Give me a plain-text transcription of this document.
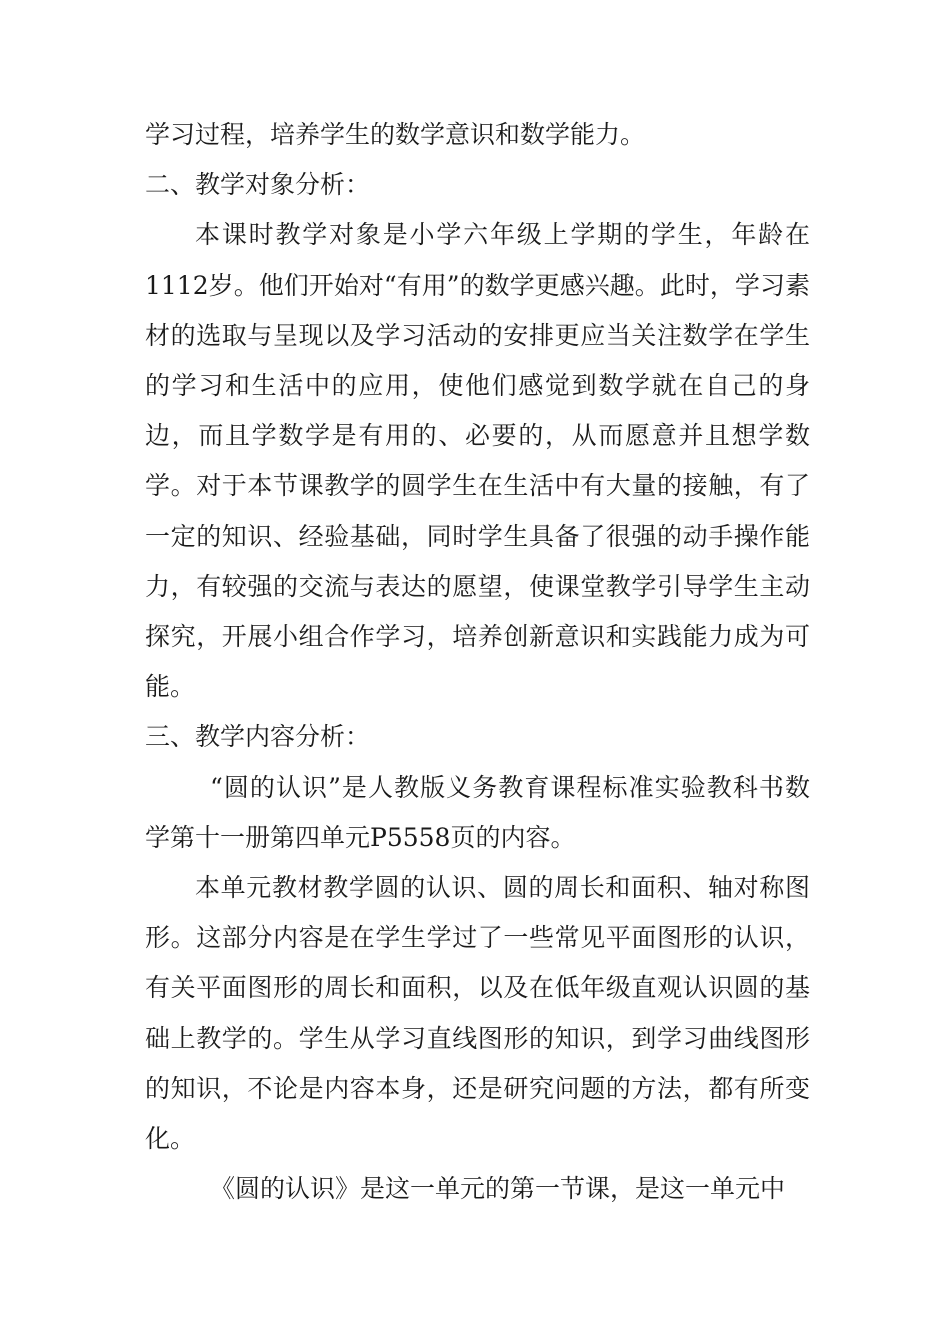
学习过程，培养学生的数学意识和数学能力。

二、教学对象分析：

本课时教学对象是小学六年级上学期的学生，年龄在1112岁。他们开始对“有用”的数学更感兴趣。此时，学习素材的选取与呈现以及学习活动的安排更应当关注数学在学生的学习和生活中的应用，使他们感觉到数学就在自己的身边，而且学数学是有用的、必要的，从而愿意并且想学数学。对于本节课教学的圆学生在生活中有大量的接触，有了一定的知识、经验基础，同时学生具备了很强的动手操作能力，有较强的交流与表达的愿望，使课堂教学引导学生主动探究，开展小组合作学习，培养创新意识和实践能力成为可能。

三、教学内容分析：

“圆的认识”是人教版义务教育课程标准实验教科书数学第十一册第四单元P5558页的内容。

本单元教材教学圆的认识、圆的周长和面积、轴对称图形。这部分内容是在学生学过了一些常见平面图形的认识，有关平面图形的周长和面积，以及在低年级直观认识圆的基础上教学的。学生从学习直线图形的知识，到学习曲线图形的知识，不论是内容本身，还是研究问题的方法，都有所变化。

《圆的认识》是这一单元的第一节课，是这一单元中
